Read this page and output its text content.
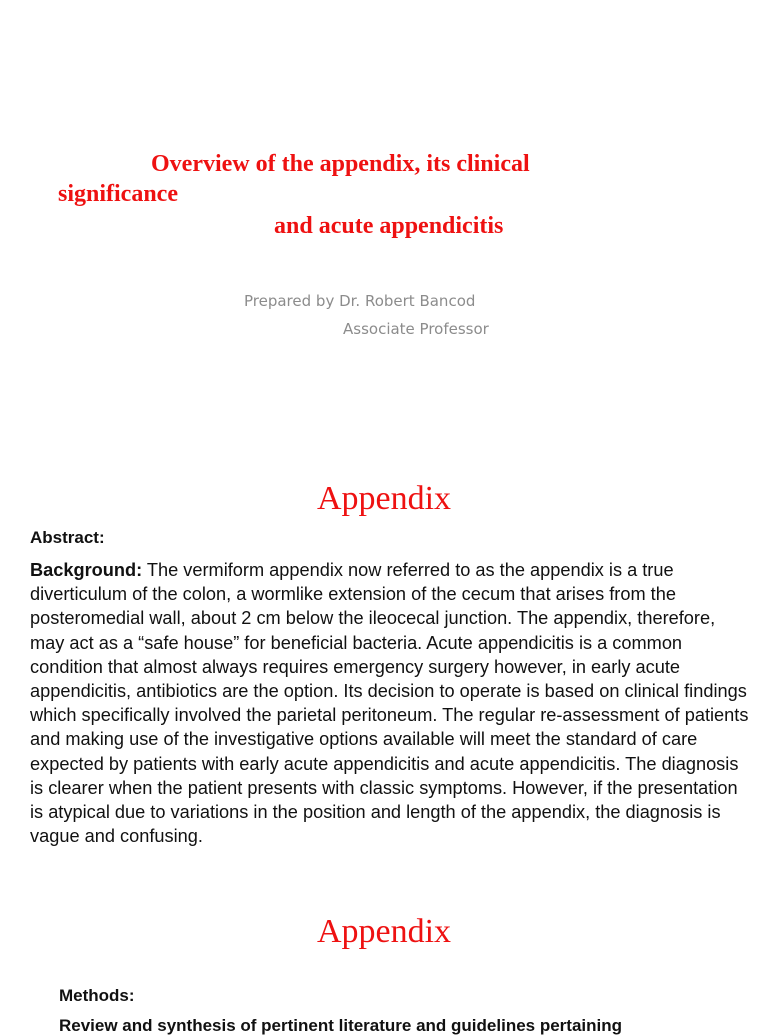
Overview of the appendix, its clinical
significance
and acute appendicitis
Prepared by Dr. Robert Bancod
Associate Professor
Appendix
Abstract:
Background: The vermiform appendix now referred to as the appendix is a true diverticulum of the colon, a wormlike extension of the cecum that arises from the posteromedial wall, about 2 cm below the ileocecal junction. The appendix, therefore, may act as a “safe house” for beneficial bacteria. Acute appendicitis is a common condition that almost always requires emergency surgery however, in early acute appendicitis, antibiotics are the option. Its decision to operate is based on clinical findings which specifically involved the parietal peritoneum. The regular re-assessment of patients and making use of the investigative options available will meet the standard of care expected by patients with early acute appendicitis and acute appendicitis. The diagnosis is clearer when the patient presents with classic symptoms. However, if the presentation is atypical due to variations in the position and length of the appendix, the diagnosis is vague and confusing.
Appendix
Methods:
Review and synthesis of pertinent literature and guidelines pertaining
